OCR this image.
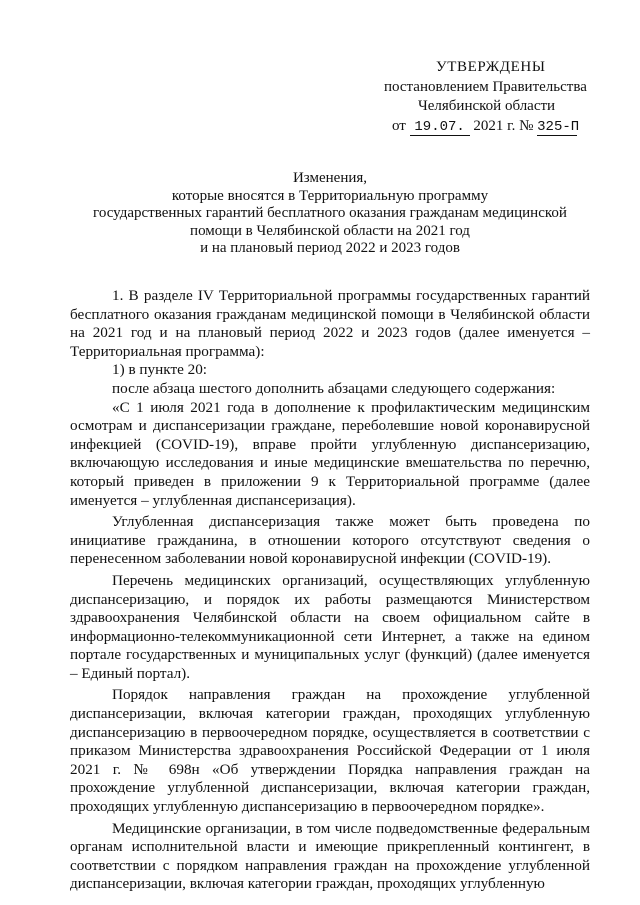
УТВЕРЖДЕНЫ
постановлением Правительства
Челябинской области
от 19.07. 2021 г. № 325-П
Изменения,
которые вносятся в Территориальную программу
государственных гарантий бесплатного оказания гражданам медицинской
помощи в Челябинской области на 2021 год
и на плановый период 2022 и 2023 годов

1. В разделе IV Территориальной программы государственных гарантий бесплатного оказания гражданам медицинской помощи в Челябинской области на 2021 год и на плановый период 2022 и 2023 годов (далее именуется – Территориальная программа):

1) в пункте 20:

после абзаца шестого дополнить абзацами следующего содержания:

«С 1 июля 2021 года в дополнение к профилактическим медицинским осмотрам и диспансеризации граждане, переболевшие новой коронавирусной инфекцией (COVID-19), вправе пройти углубленную диспансеризацию, включающую исследования и иные медицинские вмешательства по перечню, который приведен в приложении 9 к Территориальной программе (далее именуется – углубленная диспансеризация).

Углубленная диспансеризация также может быть проведена по инициативе гражданина, в отношении которого отсутствуют сведения о перенесенном заболевании новой коронавирусной инфекции (COVID-19).

Перечень медицинских организаций, осуществляющих углубленную диспансеризацию, и порядок их работы размещаются Министерством здравоохранения Челябинской области на своем официальном сайте в информационно-телекоммуникационной сети Интернет, а также на едином портале государственных и муниципальных услуг (функций) (далее именуется – Единый портал).

Порядок направления граждан на прохождение углубленной диспансеризации, включая категории граждан, проходящих углубленную диспансеризацию в первоочередном порядке, осуществляется в соответствии с приказом Министерства здравоохранения Российской Федерации от 1 июля 2021 г. № 698н «Об утверждении Порядка направления граждан на прохождение углубленной диспансеризации, включая категории граждан, проходящих углубленную диспансеризацию в первоочередном порядке».

Медицинские организации, в том числе подведомственные федеральным органам исполнительной власти и имеющие прикрепленный контингент, в соответствии с порядком направления граждан на прохождение углубленной диспансеризации, включая категории граждан, проходящих углубленную
